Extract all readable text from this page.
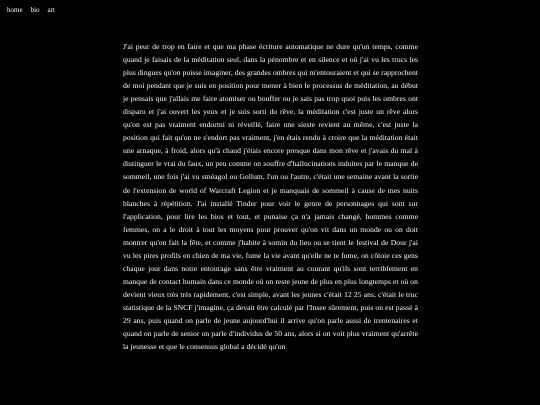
home bio art

J'ai peur de trop en faire et que ma phase écriture automatique ne dure qu'un temps, comme quand je faisais de la méditation seul, dans la pénombre et en silence et où j'ai vu les trucs les plus dingues qu'on puisse imaginer, des grandes ombres qui m'entouraient et qui se rapprochent de moi pendant que je suis en position pour mener à bien le processus de méditation, au début je pensais que j'allais me faire atomiser ou bouffer ou je sais pas trop quoi puis les ombres ont disparu et j'ai ouvert les yeux et je suis sorti du rêve, la méditation c'est juste un rêve alors qu'on est pas vraiment endormi ni réveillé, faire une sieste revient au même, c'est juste la position qui fait qu'on ne s'endort pas vraiment, j'en étais rendu à croire que la méditation était une arnaque, à froid, alors qu'à chaud j'étais encore presque dans mon rêve et j'avais du mal à distinguer le vrai du faux, un peu comme on souffre d'hallucinations induites par le manque de sommeil, une fois j'ai vu sméagol ou Gollum, l'un ou l'autre, c'était une semaine avant la sortie de l'extension de world of Warcraft Legion et je manquais de sommeil à cause de mes nuits blanches à répétition. J'ai installé Tinder pour voir le genre de personnages qui sont sur l'application, pour lire les bios et tout, et punaise ça n'a jamais changé, hommes comme femmes, on a le droit à tout les moyens pour prouver qu'on vit dans un monde ou on doit montrer qu'on fait la fête, et comme j'habite à somin du lieu ou se tient le festival de Dour j'ai vu les pires profils en chien de ma vie, fume la vie avant qu'elle ne te fume, on côtoie ces gens chaque jour dans notre entourage sans être vraiment au courant qu'ils sont terriblement en manque de contact humain dans ce monde où on reste jeune de plus en plus longtemps et où on devient vieux très très rapidement, c'est simple, avant les jeunes c'était 12 25 ans, c'était le truc statistique de la SNCF j'imagine, ça devait être calculé par l'Insee sûrement, puis on est passé à 29 ans, puis quand on parle de jeune aujourd'hui il arrive qu'on parle aussi de trentenaires et quand on parle de senior on parle d'individus de 50 ans, alors si on voit plus vraiment qu'arrête la jeunesse et que le consensus global a décidé qu'on
